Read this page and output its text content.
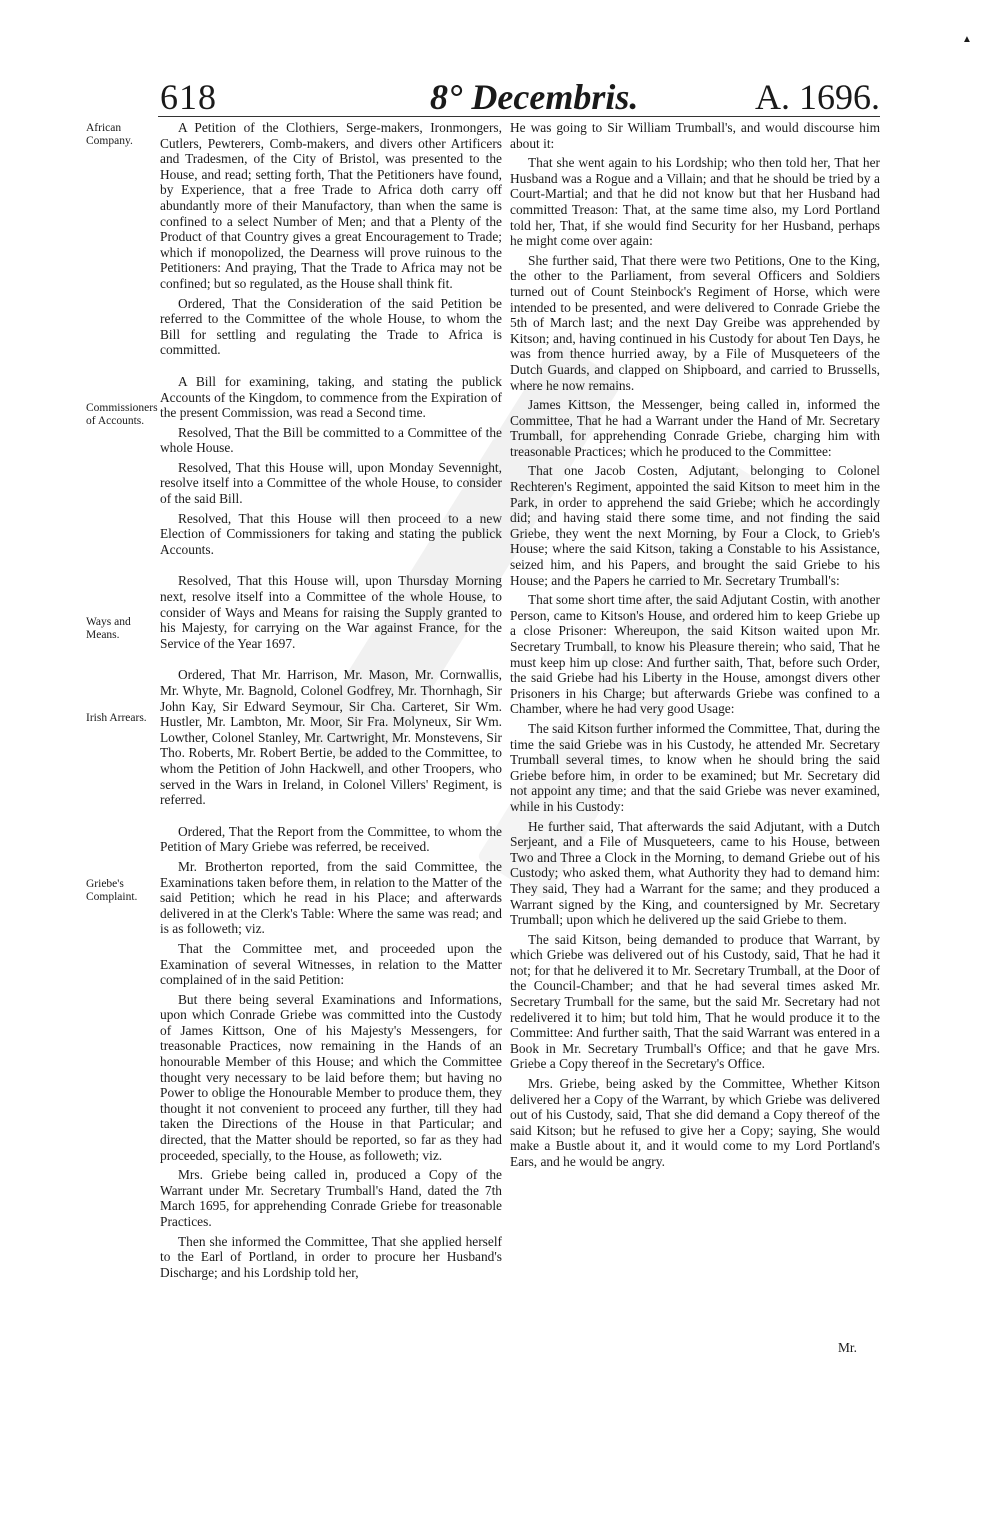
▲
618	8° Decembris.	A. 1696.
African Company.
Commissioners of Accounts.
Ways and Means.
Irish Arrears.
Griebe's Complaint.

A Petition of the Clothiers, Serge-makers, Ironmongers, Cutlers, Pewterers, Comb-makers, and divers other Artificers and Tradesmen, of the City of Bristol, was presented to the House, and read; setting forth, That the Petitioners have found, by Experience, that a free Trade to Africa doth carry off abundantly more of their Manufactory, than when the same is confined to a select Number of Men; and that a Plenty of the Product of that Country gives a great Encouragement to Trade; which if monopolized, the Dearness will prove ruinous to the Petitioners: And praying, That the Trade to Africa may not be confined; but so regulated, as the House shall think fit.

Ordered, That the Consideration of the said Petition be referred to the Committee of the whole House, to whom the Bill for settling and regulating the Trade to Africa is committed.

A Bill for examining, taking, and stating the publick Accounts of the Kingdom, to commence from the Expiration of the present Commission, was read a Second time.

Resolved, That the Bill be committed to a Committee of the whole House.

Resolved, That this House will, upon Monday Sevennight, resolve itself into a Committee of the whole House, to consider of the said Bill.

Resolved, That this House will then proceed to a new Election of Commissioners for taking and stating the publick Accounts.

Resolved, That this House will, upon Thursday Morning next, resolve itself into a Committee of the whole House, to consider of Ways and Means for raising the Supply granted to his Majesty, for carrying on the War against France, for the Service of the Year 1697.

Ordered, That Mr. Harrison, Mr. Mason, Mr. Cornwallis, Mr. Whyte, Mr. Bagnold, Colonel Godfrey, Mr. Thornhagh, Sir John Kay, Sir Edward Seymour, Sir Cha. Carteret, Sir Wm. Hustler, Mr. Lambton, Mr. Moor, Sir Fra. Molyneux, Sir Wm. Lowther, Colonel Stanley, Mr. Cartwright, Mr. Monstevens, Sir Tho. Roberts, Mr. Robert Bertie, be added to the Committee, to whom the Petition of John Hackwell, and other Troopers, who served in the Wars in Ireland, in Colonel Villers' Regiment, is referred.

Ordered, That the Report from the Committee, to whom the Petition of Mary Griebe was referred, be received.

Mr. Brotherton reported, from the said Committee, the Examinations taken before them, in relation to the Matter of the said Petition; which he read in his Place; and afterwards delivered in at the Clerk's Table: Where the same was read; and is as followeth; viz.

That the Committee met, and proceeded upon the Examination of several Witnesses, in relation to the Matter complained of in the said Petition:

But there being several Examinations and Informations, upon which Conrade Griebe was committed into the Custody of James Kittson, One of his Majesty's Messengers, for treasonable Practices, now remaining in the Hands of an honourable Member of this House; and which the Committee thought very necessary to be laid before them; but having no Power to oblige the Honourable Member to produce them, they thought it not convenient to proceed any further, till they had taken the Directions of the House in that Particular; and directed, that the Matter should be reported, so far as they had proceeded, specially, to the House, as followeth; viz.

Mrs. Griebe being called in, produced a Copy of the Warrant under Mr. Secretary Trumball's Hand, dated the 7th March 1695, for apprehending Conrade Griebe for treasonable Practices.

Then she informed the Committee, That she applied herself to the Earl of Portland, in order to procure her Husband's Discharge; and his Lordship told her,

He was going to Sir William Trumball's, and would discourse him about it:

That she went again to his Lordship; who then told her, That her Husband was a Rogue and a Villain; and that he should be tried by a Court-Martial; and that he did not know but that her Husband had committed Treason: That, at the same time also, my Lord Portland told her, That, if she would find Security for her Husband, perhaps he might come over again:

She further said, That there were two Petitions, One to the King, the other to the Parliament, from several Officers and Soldiers turned out of Count Steinbock's Regiment of Horse, which were intended to be presented, and were delivered to Conrade Griebe the 5th of March last; and the next Day Greibe was apprehended by Kitson; and, having continued in his Custody for about Ten Days, he was from thence hurried away, by a File of Musqueteers of the Dutch Guards, and clapped on Shipboard, and carried to Brussells, where he now remains.

James Kittson, the Messenger, being called in, informed the Committee, That he had a Warrant under the Hand of Mr. Secretary Trumball, for apprehending Conrade Griebe, charging him with treasonable Practices; which he produced to the Committee:

That one Jacob Costen, Adjutant, belonging to Colonel Rechteren's Regiment, appointed the said Kitson to meet him in the Park, in order to apprehend the said Griebe; which he accordingly did; and having staid there some time, and not finding the said Griebe, they went the next Morning, by Four a Clock, to Grieb's House; where the said Kitson, taking a Constable to his Assistance, seized him, and his Papers, and brought the said Griebe to his House; and the Papers he carried to Mr. Secretary Trumball's:

That some short time after, the said Adjutant Costin, with another Person, came to Kitson's House, and ordered him to keep Griebe up a close Prisoner: Whereupon, the said Kitson waited upon Mr. Secretary Trumball, to know his Pleasure therein; who said, That he must keep him up close: And further saith, That, before such Order, the said Griebe had his Liberty in the House, amongst divers other Prisoners in his Charge; but afterwards Griebe was confined to a Chamber, where he had very good Usage:

The said Kitson further informed the Committee, That, during the time the said Griebe was in his Custody, he attended Mr. Secretary Trumball several times, to know when he should bring the said Griebe before him, in order to be examined; but Mr. Secretary did not appoint any time; and that the said Griebe was never examined, while in his Custody:

He further said, That afterwards the said Adjutant, with a Dutch Serjeant, and a File of Musqueteers, came to his House, between Two and Three a Clock in the Morning, to demand Griebe out of his Custody; who asked them, what Authority they had to demand him: They said, They had a Warrant for the same; and they produced a Warrant signed by the King, and countersigned by Mr. Secretary Trumball; upon which he delivered up the said Griebe to them.

The said Kitson, being demanded to produce that Warrant, by which Griebe was delivered out of his Custody, said, That he had it not; for that he delivered it to Mr. Secretary Trumball, at the Door of the Council-Chamber; and that he had several times asked Mr. Secretary Trumball for the same, but the said Mr. Secretary had not redelivered it to him; but told him, That he would produce it to the Committee: And further saith, That the said Warrant was entered in a Book in Mr. Secretary Trumball's Office; and that he gave Mrs. Griebe a Copy thereof in the Secretary's Office.

Mrs. Griebe, being asked by the Committee, Whether Kitson delivered her a Copy of the Warrant, by which Griebe was delivered out of his Custody, said, That she did demand a Copy thereof of the said Kitson; but he refused to give her a Copy; saying, She would make a Bustle about it, and it would come to my Lord Portland's Ears, and he would be angry.

Mr.
